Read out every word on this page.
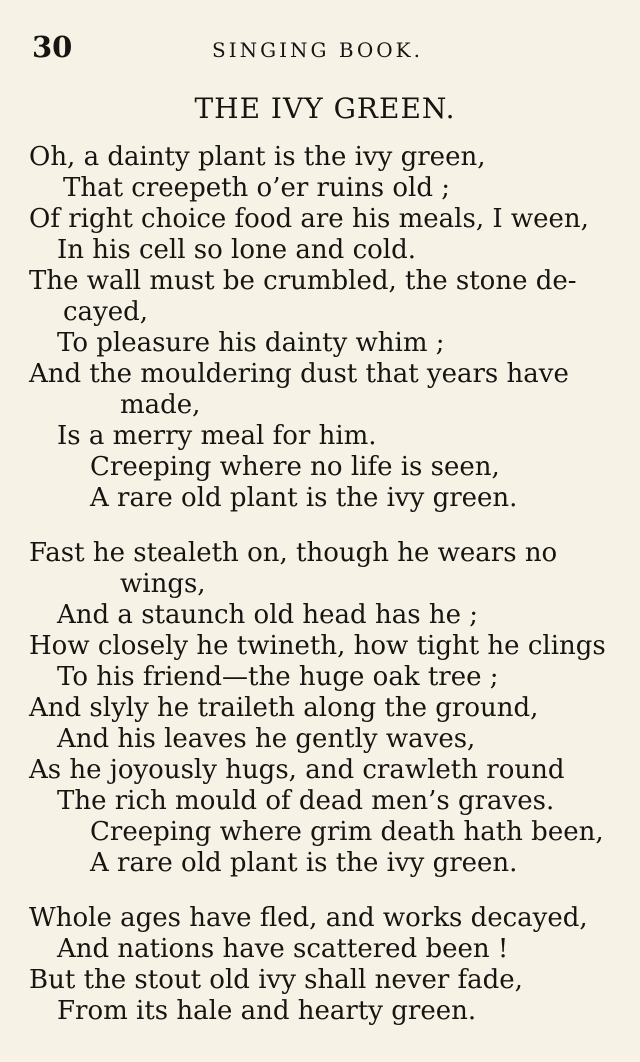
30	SINGING BOOK.
THE IVY GREEN.
Oh, a dainty plant is the ivy green,
That creepeth o’er ruins old ;
Of right choice food are his meals, I ween,
In his cell so lone and cold.
The wall must be crumbled, the stone de-
cayed,
To pleasure his dainty whim ;
And the mouldering dust that years have
made,
Is a merry meal for him.
Creeping where no life is seen,
A rare old plant is the ivy green.
Fast he stealeth on, though he wears no
wings,
And a staunch old head has he ;
How closely he twineth, how tight he clings
To his friend—the huge oak tree ;
And slyly he traileth along the ground,
And his leaves he gently waves,
As he joyously hugs, and crawleth round
The rich mould of dead men’s graves.
Creeping where grim death hath been,
A rare old plant is the ivy green.
Whole ages have fled, and works decayed,
And nations have scattered been !
But the stout old ivy shall never fade,
From its hale and hearty green.
